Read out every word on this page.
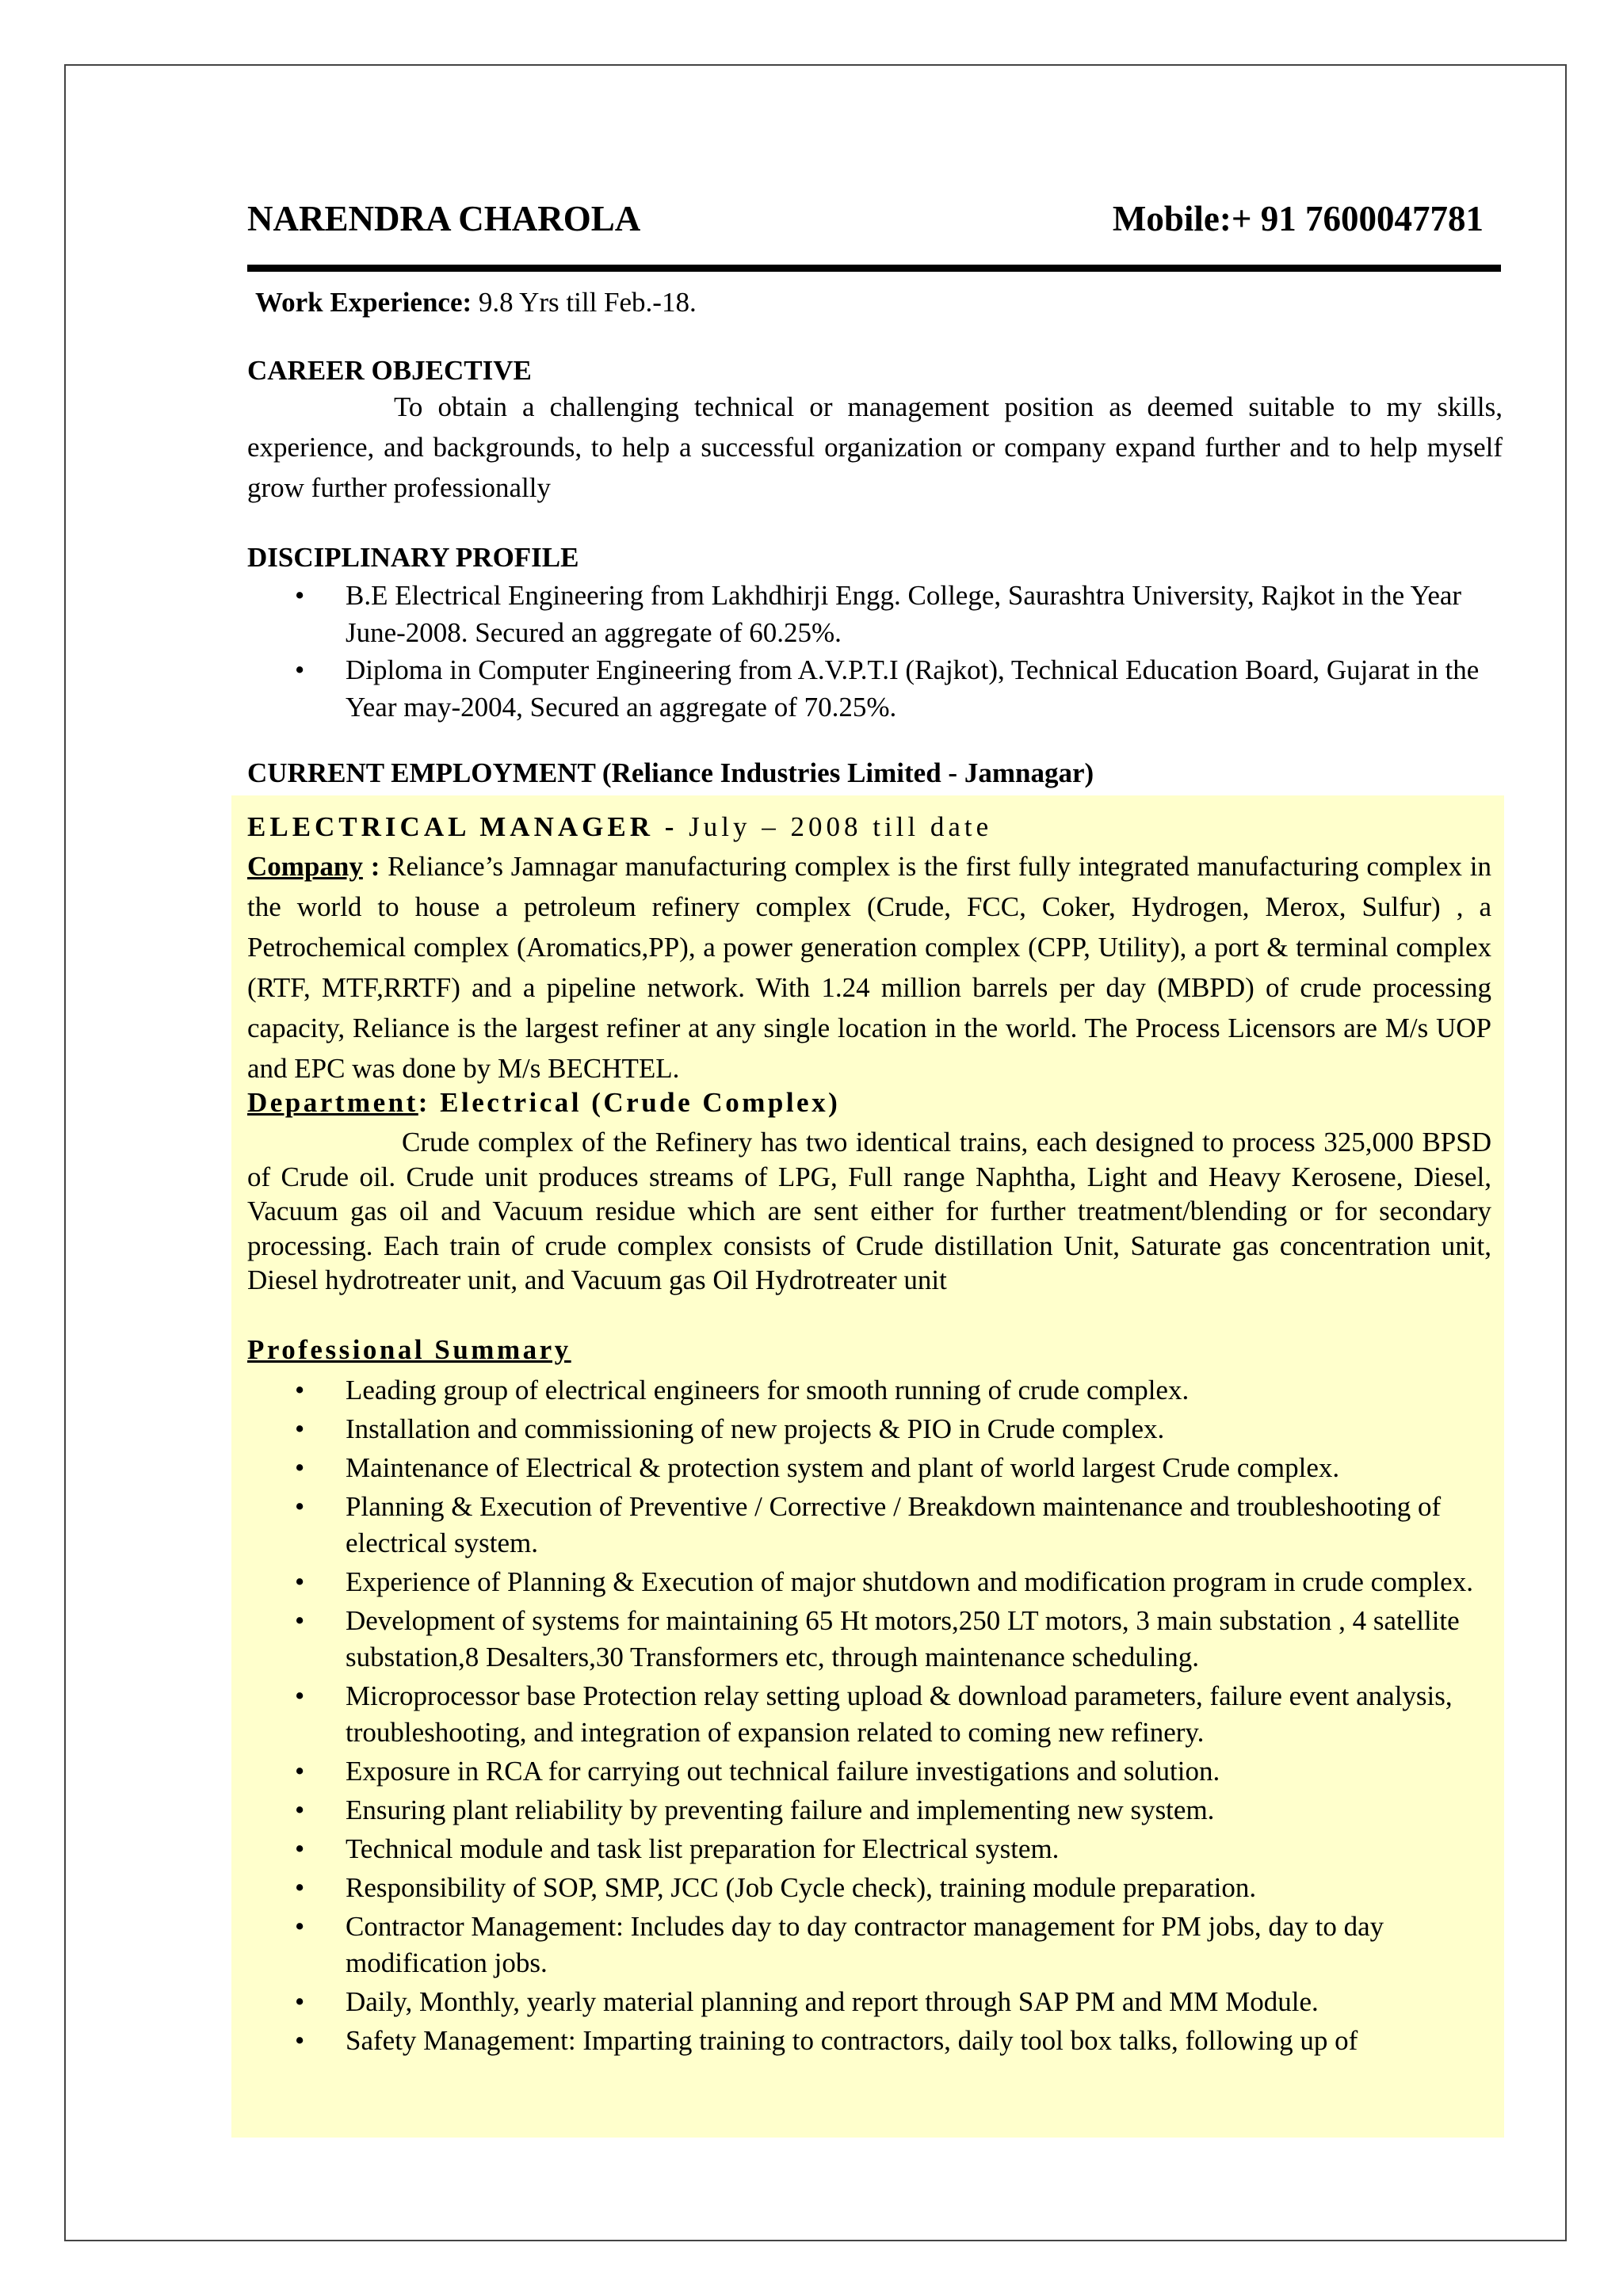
NARENDRA CHAROLA	Mobile:+ 91 7600047781
Work Experience: 9.8 Yrs till Feb.-18.
CAREER OBJECTIVE
To obtain a challenging technical or management position as deemed suitable to my skills, experience, and backgrounds, to help a successful organization or company expand further and to help myself grow further professionally
DISCIPLINARY PROFILE
• B.E Electrical Engineering from Lakhdhirji Engg. College, Saurashtra University, Rajkot in the Year June-2008. Secured an aggregate of 60.25%.
• Diploma in Computer Engineering from A.V.P.T.I (Rajkot), Technical Education Board, Gujarat in the Year may-2004, Secured an aggregate of 70.25%.
CURRENT EMPLOYMENT (Reliance Industries Limited - Jamnagar)
ELECTRICAL MANAGER - July – 2008 till date
Company : Reliance’s Jamnagar manufacturing complex is the first fully integrated manufacturing complex in the world to house a petroleum refinery complex (Crude, FCC, Coker, Hydrogen, Merox, Sulfur) , a Petrochemical complex (Aromatics,PP), a power generation complex (CPP, Utility), a port & terminal complex (RTF, MTF,RRTF) and a pipeline network. With 1.24 million barrels per day (MBPD) of crude processing capacity, Reliance is the largest refiner at any single location in the world. The Process Licensors are M/s UOP and EPC was done by M/s BECHTEL.
Department: Electrical (Crude Complex)
Crude complex of the Refinery has two identical trains, each designed to process 325,000 BPSD of Crude oil. Crude unit produces streams of LPG, Full range Naphtha, Light and Heavy Kerosene, Diesel, Vacuum gas oil and Vacuum residue which are sent either for further treatment/blending or for secondary processing. Each train of crude complex consists of Crude distillation Unit, Saturate gas concentration unit, Diesel hydrotreater unit, and Vacuum gas Oil Hydrotreater unit
Professional Summary
• Leading group of electrical engineers for smooth running of crude complex.
• Installation and commissioning of new projects & PIO in Crude complex.
• Maintenance of Electrical & protection system and plant of world largest Crude complex.
• Planning & Execution of Preventive / Corrective / Breakdown maintenance and troubleshooting of electrical system.
• Experience of Planning & Execution of major shutdown and modification program in crude complex.
• Development of systems for maintaining 65 Ht motors,250 LT motors, 3 main substation , 4 satellite substation,8 Desalters,30 Transformers etc, through maintenance scheduling.
• Microprocessor base Protection relay setting upload & download parameters, failure event analysis, troubleshooting, and integration of expansion related to coming new refinery.
• Exposure in RCA for carrying out technical failure investigations and solution.
• Ensuring plant reliability by preventing failure and implementing new system.
• Technical module and task list preparation for Electrical system.
• Responsibility of SOP, SMP, JCC (Job Cycle check), training module preparation.
• Contractor Management: Includes day to day contractor management for PM jobs, day to day modification jobs.
• Daily, Monthly, yearly material planning and report through SAP PM and MM Module.
• Safety Management: Imparting training to contractors, daily tool box talks, following up of
